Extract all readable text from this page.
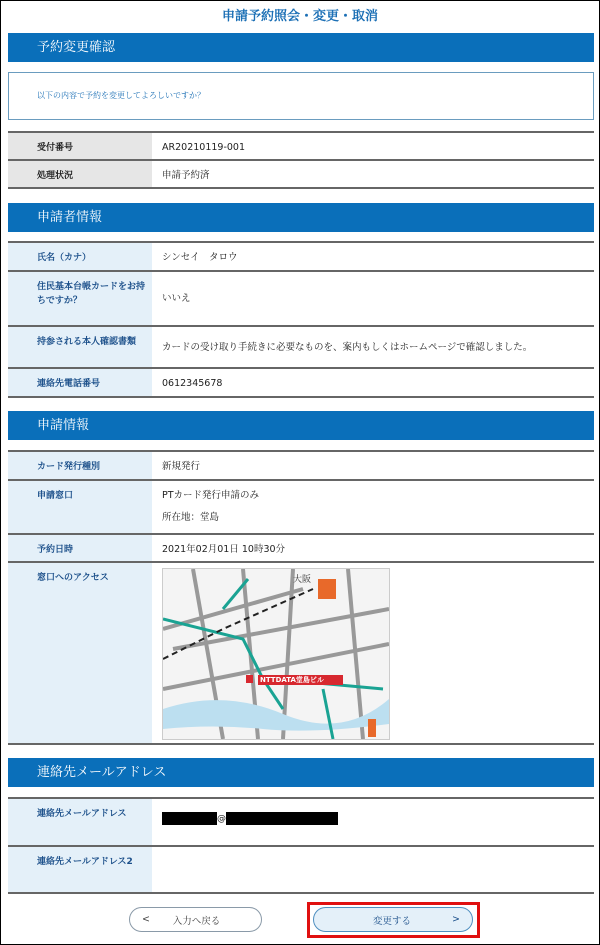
申請予約照会・変更・取消
予約変更確認
以下の内容で予約を変更してよろしいですか？
受付番号	AR20210119-001
処理状況	申請予約済
申請者情報
氏名（カナ）	シンセイ　タロウ
住民基本台帳カードをお持ちですか？	いいえ
持参される本人確認書類	カードの受け取り手続きに必要なものを、案内もしくはホームページで確認しました。
連絡先電話番号	0612345678
申請情報
カード発行種別	新規発行
申請窓口	PTカード発行申請のみ
所在地：堂島
予約日時	2021年02月01日 10時30分
窓口へのアクセス
NTTDATA堂島ビル
大阪
連絡先メールアドレス
連絡先メールアドレス	@
連絡先メールアドレス2
< 入力へ戻る	変更する	>
